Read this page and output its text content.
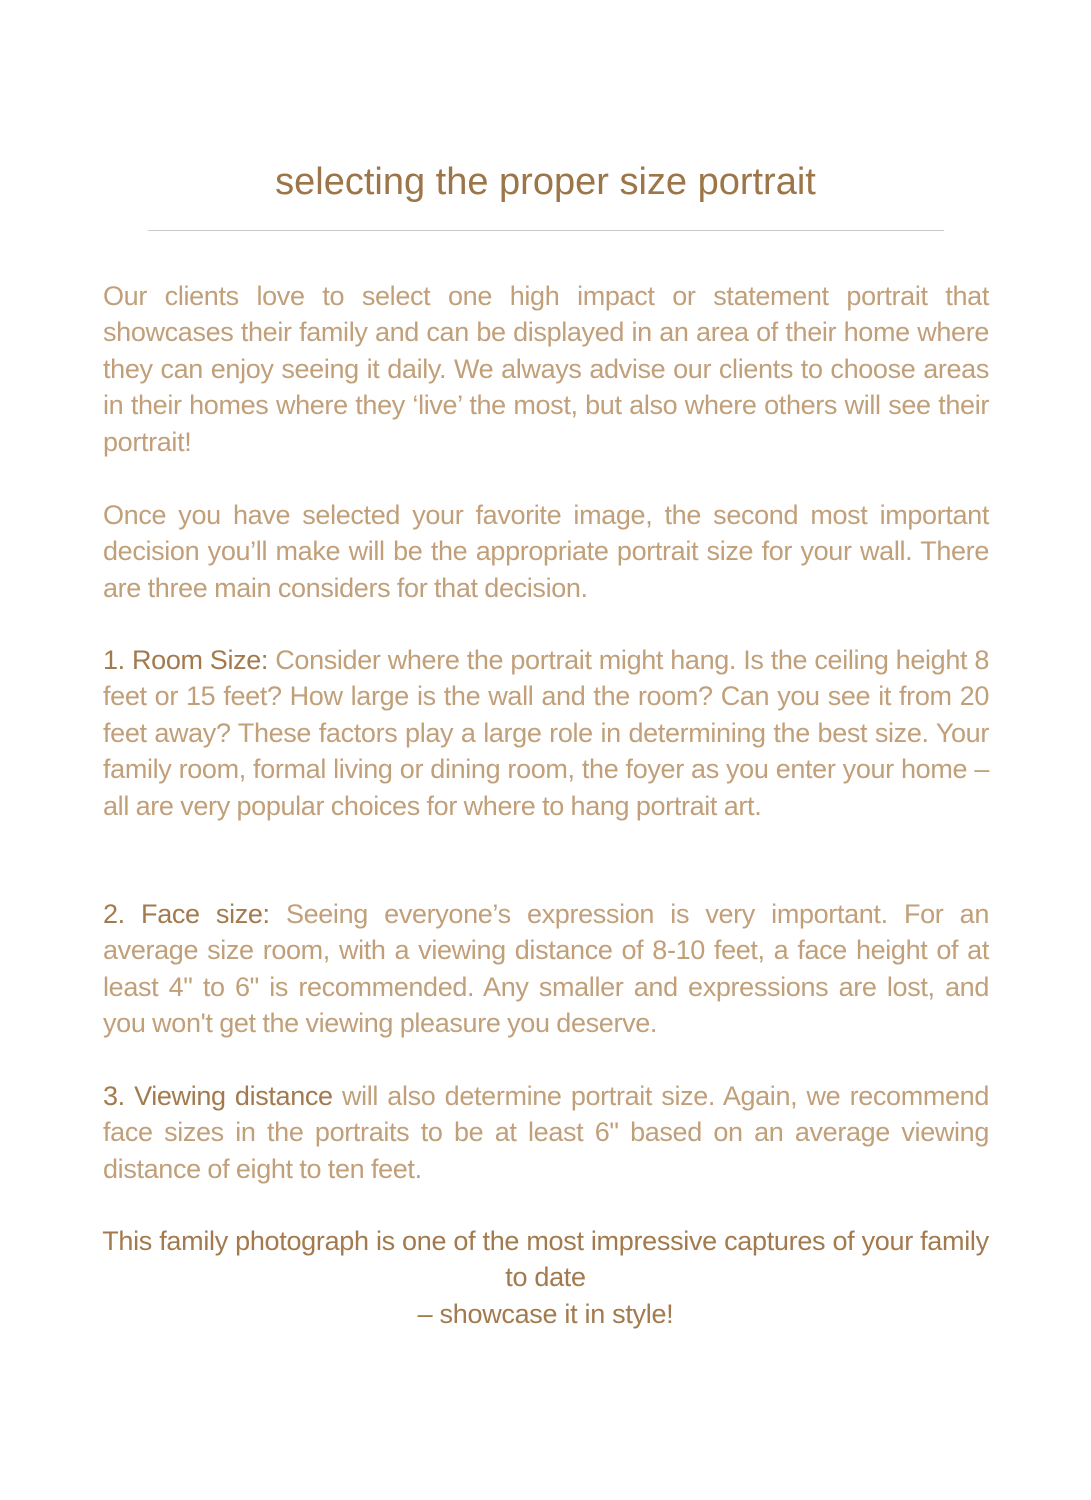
selecting the proper size portrait

Our clients love to select one high impact or statement portrait that showcases their family and can be displayed in an area of their home where they can enjoy seeing it daily. We always advise our clients to choose areas in their homes where they ‘live’ the most, but also where others will see their portrait!

Once you have selected your favorite image, the second most important decision you’ll make will be the appropriate portrait size for your wall. There are three main considers for that decision.

1. Room Size: Consider where the portrait might hang. Is the ceiling height 8 feet or 15 feet? How large is the wall and the room? Can you see it from 20 feet away? These factors play a large role in determining the best size. Your family room, formal living or dining room, the foyer as you enter your home – all are very popular choices for where to hang portrait art.

2. Face size: Seeing everyone’s expression is very important. For an average size room, with a viewing distance of 8-10 feet, a face height of at least 4" to 6" is recommended. Any smaller and expressions are lost, and you won't get the viewing pleasure you deserve.

3. Viewing distance will also determine portrait size. Again, we recommend face sizes in the portraits to be at least 6" based on an average viewing distance of eight to ten feet.

This family photograph is one of the most impressive captures of your family to date
– showcase it in style!
